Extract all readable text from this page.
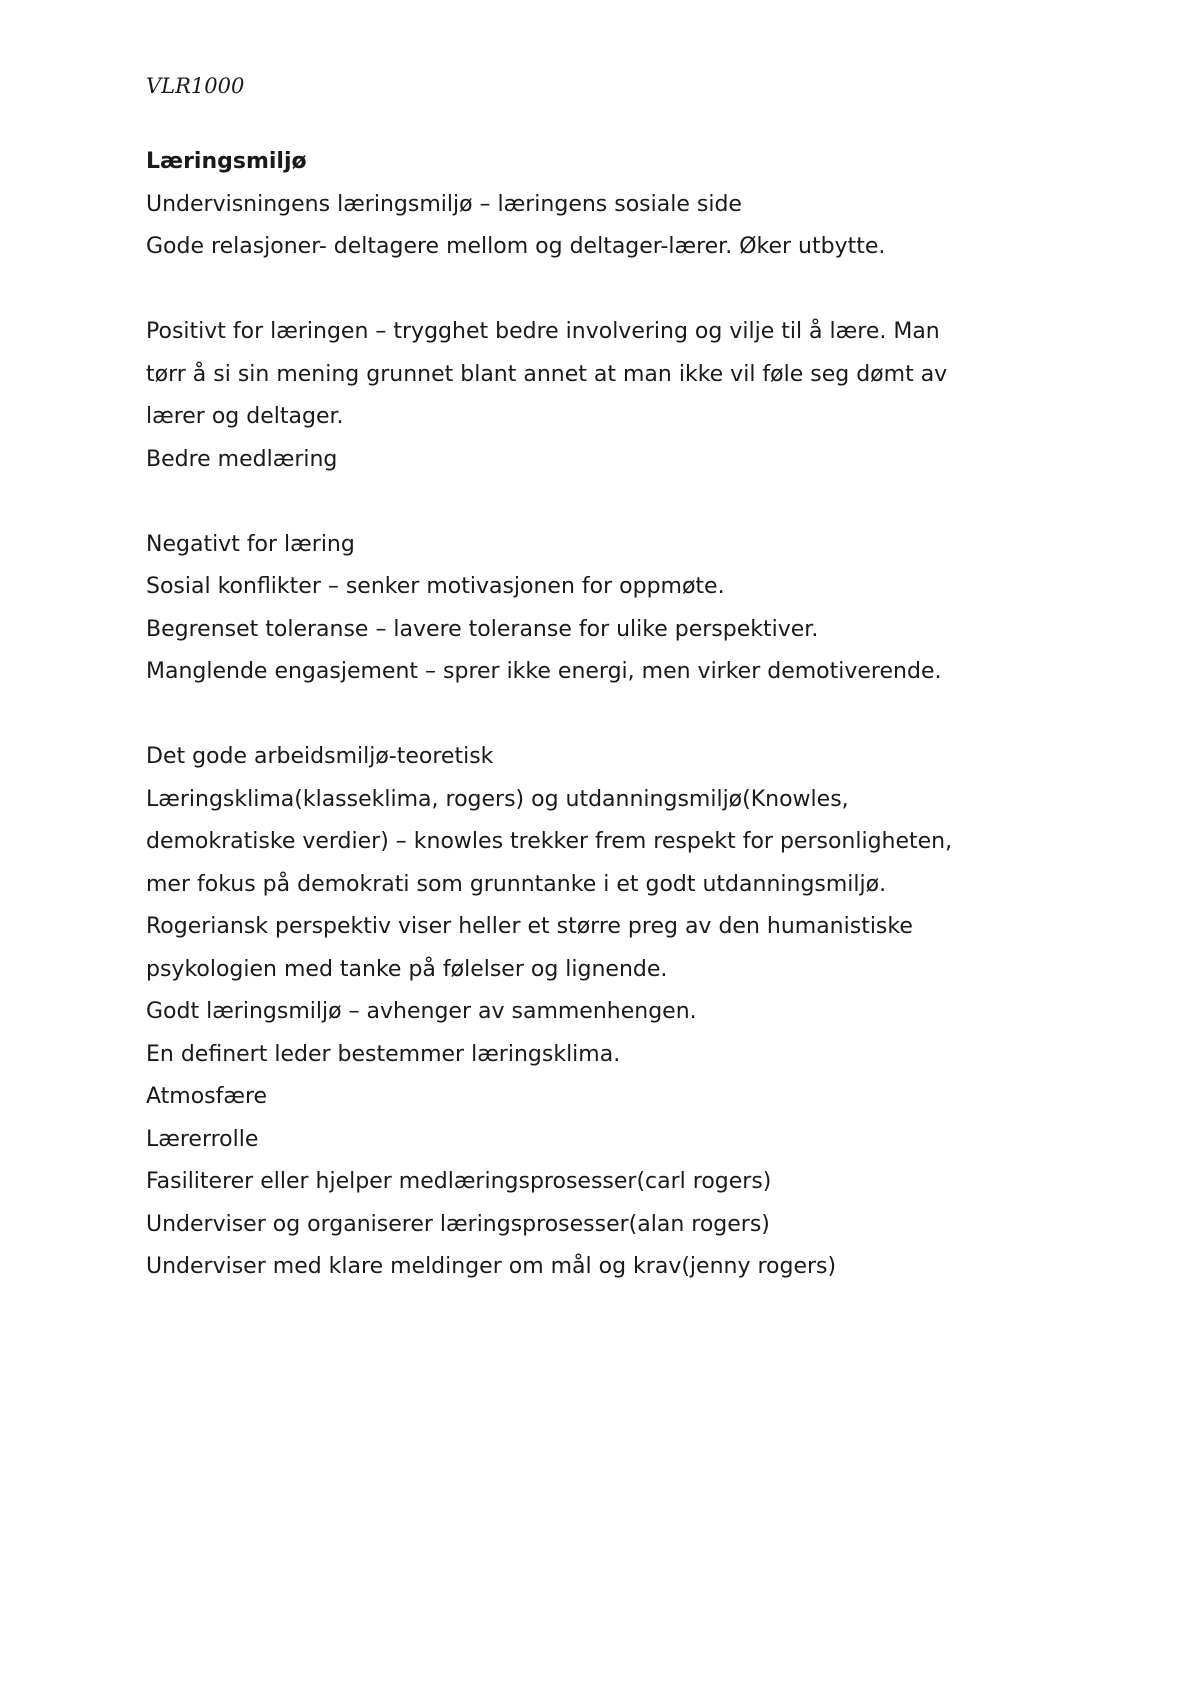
VLR1000
Læringsmiljø
Undervisningens læringsmiljø – læringens sosiale side
Gode relasjoner- deltagere mellom og deltager-lærer. Øker utbytte.
Positivt for læringen – trygghet bedre involvering og vilje til å lære. Man
tørr å si sin mening grunnet blant annet at man ikke vil føle seg dømt av
lærer og deltager.
Bedre medlæring
Negativt for læring
Sosial konflikter – senker motivasjonen for oppmøte.
Begrenset toleranse – lavere toleranse for ulike perspektiver.
Manglende engasjement – sprer ikke energi, men virker demotiverende.
Det gode arbeidsmiljø-teoretisk
Læringsklima(klasseklima, rogers) og utdanningsmiljø(Knowles,
demokratiske verdier) – knowles trekker frem respekt for personligheten,
mer fokus på demokrati som grunntanke i et godt utdanningsmiljø.
Rogeriansk perspektiv viser heller et større preg av den humanistiske
psykologien med tanke på følelser og lignende.
Godt læringsmiljø – avhenger av sammenhengen.
En definert leder bestemmer læringsklima.
Atmosfære
Lærerrolle
Fasiliterer eller hjelper medlæringsprosesser(carl rogers)
Underviser og organiserer læringsprosesser(alan rogers)
Underviser med klare meldinger om mål og krav(jenny rogers)
